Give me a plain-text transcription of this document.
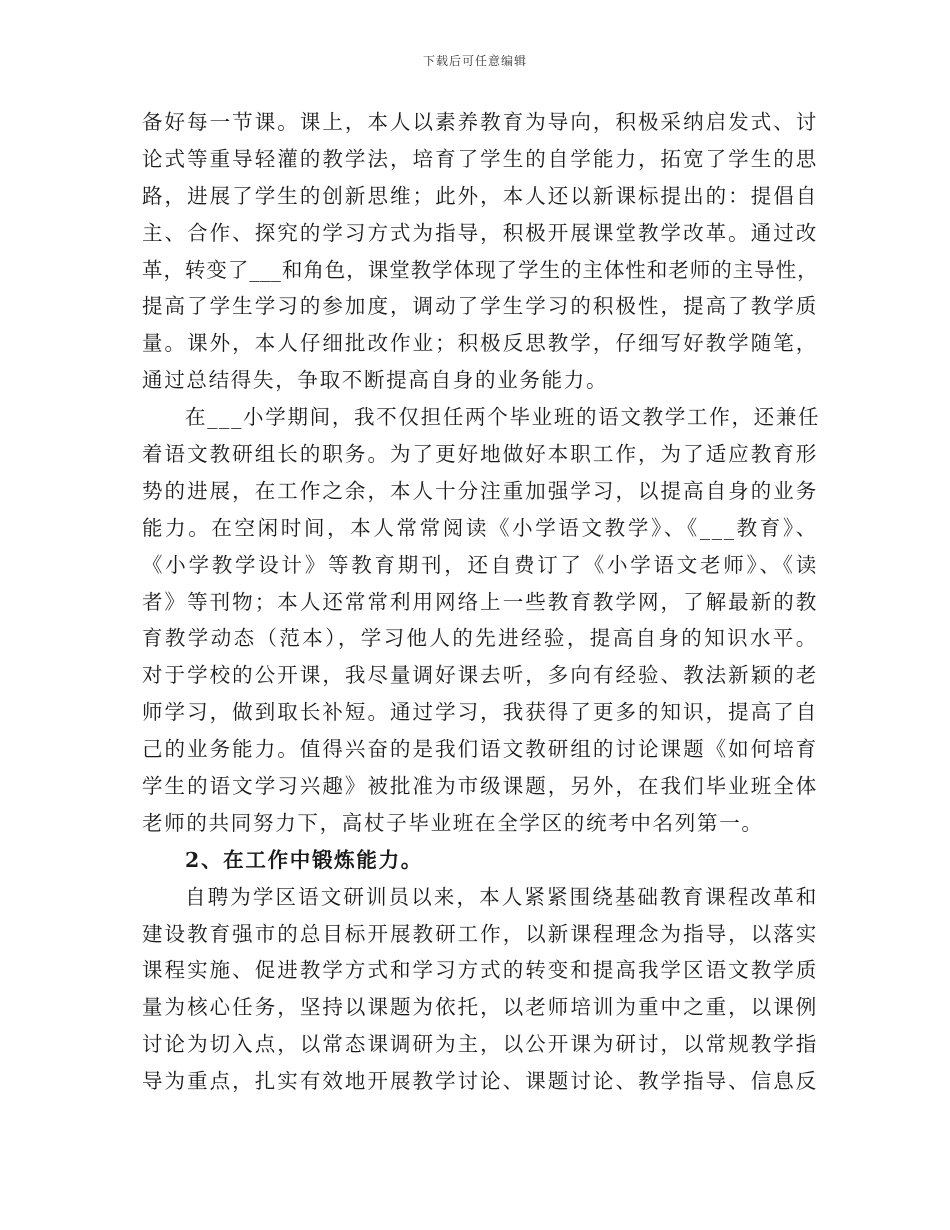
下载后可任意编辑
备好每一节课。课上，本人以素养教育为导向，积极采纳启发式、讨
论式等重导轻灌的教学法，培育了学生的自学能力，拓宽了学生的思
路，进展了学生的创新思维；此外，本人还以新课标提出的：提倡自
主、合作、探究的学习方式为指导，积极开展课堂教学改革。通过改
革，转变了___和角色，课堂教学体现了学生的主体性和老师的主导性，
提高了学生学习的参加度，调动了学生学习的积极性，提高了教学质
量。课外，本人仔细批改作业；积极反思教学，仔细写好教学随笔，
通过总结得失，争取不断提高自身的业务能力。
在___小学期间，我不仅担任两个毕业班的语文教学工作，还兼任
着语文教研组长的职务。为了更好地做好本职工作，为了适应教育形
势的进展，在工作之余，本人十分注重加强学习，以提高自身的业务
能力。在空闲时间，本人常常阅读《小学语文教学》、《___教育》、
《小学教学设计》等教育期刊，还自费订了《小学语文老师》、《读
者》等刊物；本人还常常利用网络上一些教育教学网，了解最新的教
育教学动态（范本），学习他人的先进经验，提高自身的知识水平。
对于学校的公开课，我尽量调好课去听，多向有经验、教法新颖的老
师学习，做到取长补短。通过学习，我获得了更多的知识，提高了自
己的业务能力。值得兴奋的是我们语文教研组的讨论课题《如何培育
学生的语文学习兴趣》被批准为市级课题，另外，在我们毕业班全体
老师的共同努力下，高杖子毕业班在全学区的统考中名列第一。
2、在工作中锻炼能力。
自聘为学区语文研训员以来，本人紧紧围绕基础教育课程改革和
建设教育强市的总目标开展教研工作，以新课程理念为指导，以落实
课程实施、促进教学方式和学习方式的转变和提高我学区语文教学质
量为核心任务，坚持以课题为依托，以老师培训为重中之重，以课例
讨论为切入点，以常态课调研为主，以公开课为研讨，以常规教学指
导为重点，扎实有效地开展教学讨论、课题讨论、教学指导、信息反
